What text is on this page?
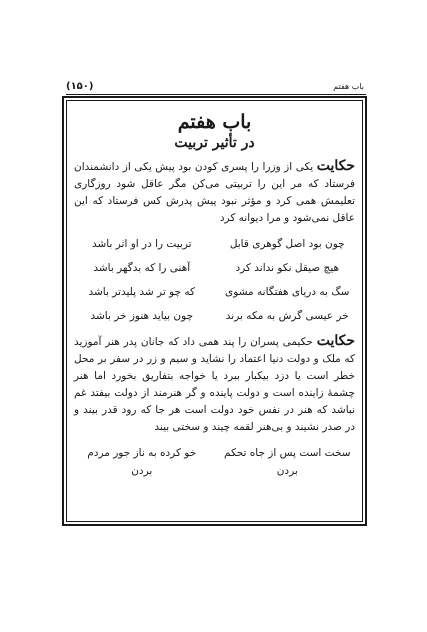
باب هفتم
(۱۵۰)
باب هفتم
در تأثیر تربیت

حکایت یکی از وزرا را پسری کودن بود پیش یکی از دانشمندان فرستاد که مر این را تربیتی می‌کن مگر عاقل شود روزگاری تعلیمش همی کرد و مؤثر نبود پیش پدرش کس فرستاد که این عاقل نمی‌شود و مرا دیوانه کرد

چون بود اصل گوهری قابل
تربیت را در او اثر باشد
هیچ صیقل نکو نداند کرد
آهنی را که بدگهر باشد
سگ به دریای هفتگانه مشوی
که چو تر شد پلیدتر باشد
خر عیسی گرش به مکه برند
چون بیاید هنوز خر باشد

حکایت حکیمی پسران را پند همی داد که جانان پدر هنر آموزید که ملک و دولت دنیا اعتماد را نشاید و سیم و زر در سفر بر محل خطر است یا دزد بیکبار ببرد یا خواجه بتفاریق بخورد اما هنر چشمهٔ زاینده است و دولت پاینده و گر هنرمند از دولت بیفتد غم نباشد که هنر در نفس خود دولت است هر جا که رود قدر بیند و در صدر نشیند و بی‌هنر لقمه چیند و سختی بیند

سخت است پس از جاه تحکم بردن
خو کرده به ناز جور مردم بردن
